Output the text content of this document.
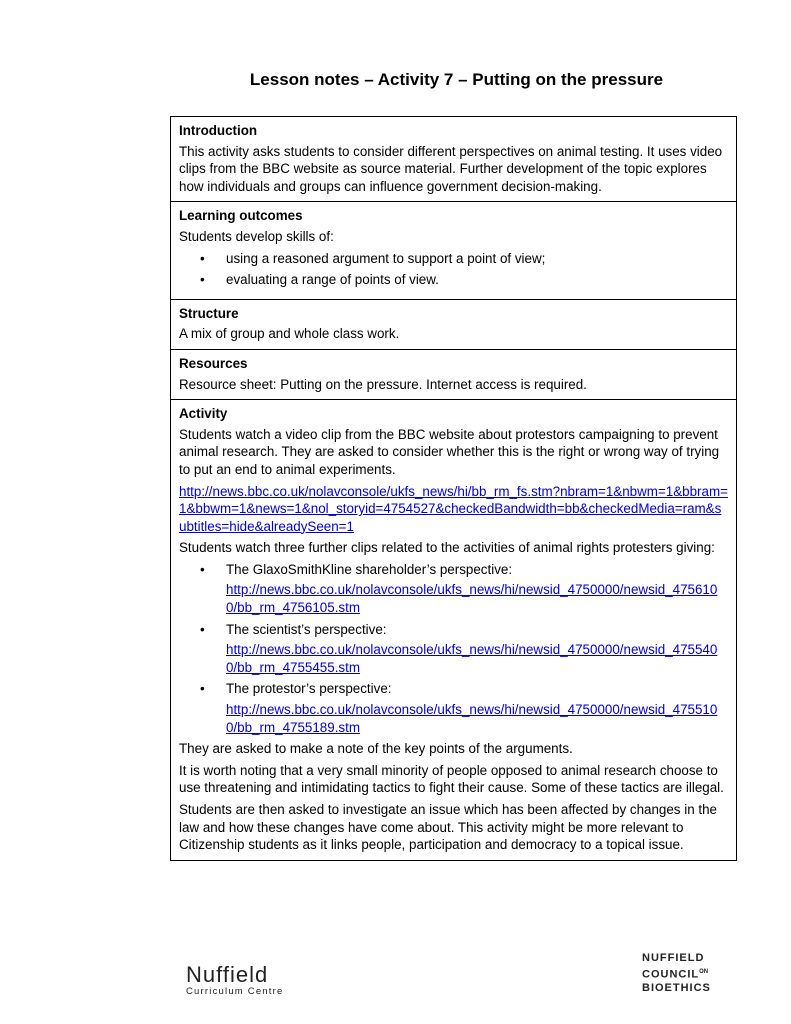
Lesson notes – Activity 7 – Putting on the pressure
Introduction
This activity asks students to consider different perspectives on animal testing. It uses video clips from the BBC website as source material. Further development of the topic explores how individuals and groups can influence government decision-making.
Learning outcomes
Students develop skills of:
• using a reasoned argument to support a point of view;
• evaluating a range of points of view.
Structure
A mix of group and whole class work.
Resources
Resource sheet: Putting on the pressure. Internet access is required.
Activity
Students watch a video clip from the BBC website about protestors campaigning to prevent animal research. They are asked to consider whether this is the right or wrong way of trying to put an end to animal experiments.
http://news.bbc.co.uk/nolavconsole/ukfs_news/hi/bb_rm_fs.stm?nbram=1&nbwm=1&bbram=1&bbwm=1&news=1&nol_storyid=4754527&checkedBandwidth=bb&checkedMedia=ram&subtitles=hide&alreadySeen=1
Students watch three further clips related to the activities of animal rights protesters giving:
• The GlaxoSmithKline shareholder’s perspective:
http://news.bbc.co.uk/nolavconsole/ukfs_news/hi/newsid_4750000/newsid_4756100/bb_rm_4756105.stm
• The scientist’s perspective:
http://news.bbc.co.uk/nolavconsole/ukfs_news/hi/newsid_4750000/newsid_4755400/bb_rm_4755455.stm
• The protestor’s perspective:
http://news.bbc.co.uk/nolavconsole/ukfs_news/hi/newsid_4750000/newsid_4755100/bb_rm_4755189.stm
They are asked to make a note of the key points of the arguments.
It is worth noting that a very small minority of people opposed to animal research choose to use threatening and intimidating tactics to fight their cause. Some of these tactics are illegal.
Students are then asked to investigate an issue which has been affected by changes in the law and how these changes have come about. This activity might be more relevant to Citizenship students as it links people, participation and democracy to a topical issue.
Nuffield
Curriculum Centre
NUFFIELD
$COUNCIL^{ON}$
BIOETHICS
